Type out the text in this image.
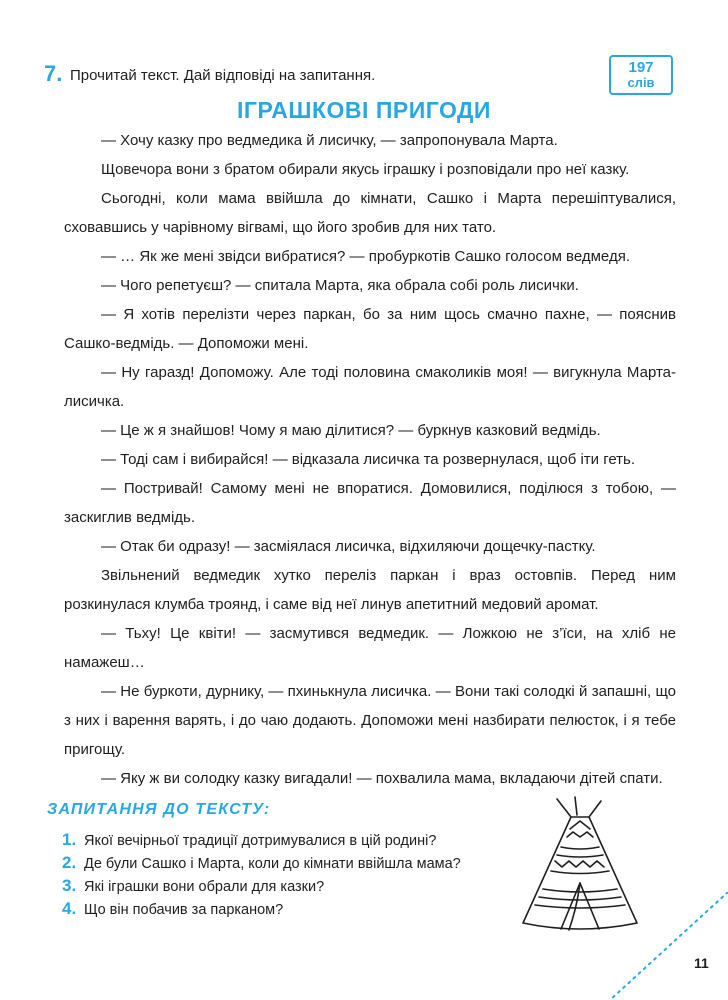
7. Прочитай текст. Дай відповіді на запитання.	197
слів
ІГРАШКОВІ ПРИГОДИ

— Хочу казку про ведмедика й лисичку, — запропонувала Марта.

Щовечора вони з братом обирали якусь іграшку і розповідали про неї казку.

Сьогодні, коли мама ввійшла до кімнати, Сашко і Марта перешіптувалися, сховавшись у чарівному вігвамі, що його зробив для них тато.

— … Як же мені звідси вибратися? — пробуркотів Сашко голосом ведмедя.

— Чого репетуєш? — спитала Марта, яка обрала собі роль лисички.

— Я хотів перелізти через паркан, бо за ним щось смачно пахне, — пояснив Сашко-ведмідь. — Допоможи мені.

— Ну гаразд! Допоможу. Але тоді половина смаколиків моя! — вигукнула Марта-лисичка.

— Це ж я знайшов! Чому я маю ділитися? — буркнув казковий ведмідь.

— Тоді сам і вибирайся! — відказала лисичка та розвернулася, щоб іти геть.

— Постривай! Самому мені не впоратися. Домовилися, поділюся з тобою, — заскиглив ведмідь.

— Отак би одразу! — засміялася лисичка, відхиляючи дощечку-пастку.

Звільнений ведмедик хутко переліз паркан і враз остовпів. Перед ним розкинулася клумба троянд, і саме від неї линув апетитний медовий аромат.

— Тьху! Це квіти! — засмутився ведмедик. — Ложкою не з’їси, на хліб не намажеш…

— Не буркоти, дурнику, — пхинькнула лисичка. — Вони такі солодкі й запашні, що з них і варення варять, і до чаю додають. Допоможи мені назбирати пелюсток, і я тебе пригощу.

— Яку ж ви солодку казку вигадали! — похвалила мама, вкладаючи дітей спати.

ЗАПИТАННЯ ДО ТЕКСТУ:
1. Якої вечірньої традиції дотримувалися в цій родині?
2. Де були Сашко і Марта, коли до кімнати ввійшла мама?
3. Які іграшки вони обрали для казки?
4. Що він побачив за парканом?
11
